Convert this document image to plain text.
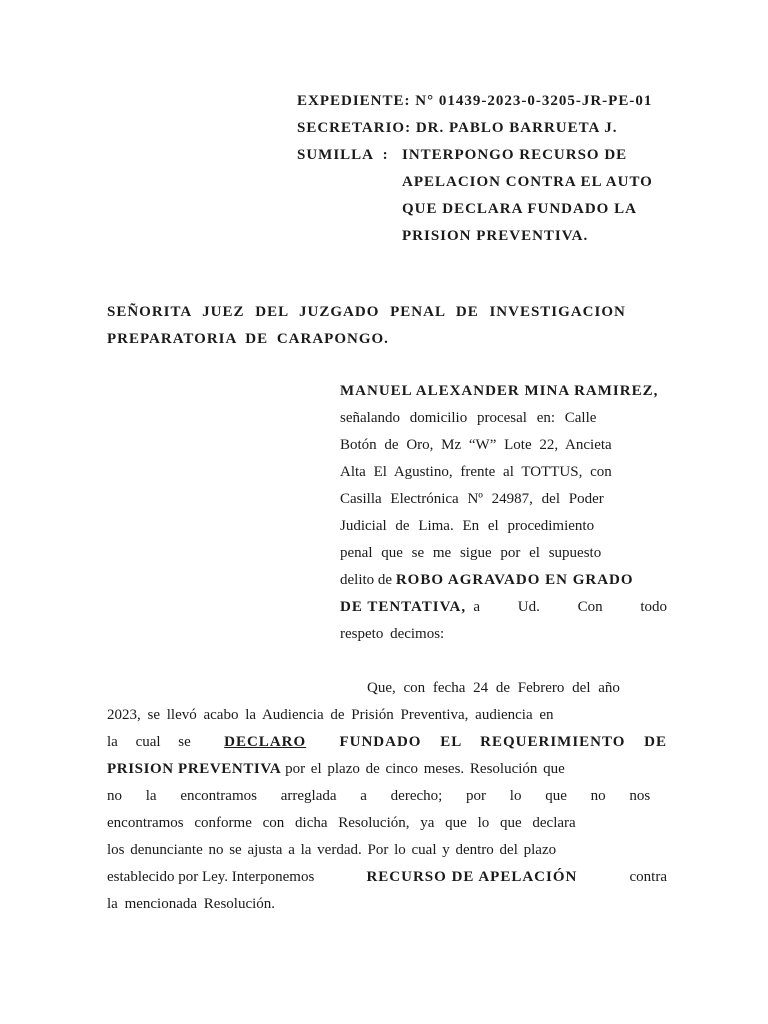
EXPEDIENTE: N° 01439-2023-0-3205-JR-PE-01
SECRETARIO: DR. PABLO BARRUETA J.
SUMILLA  : INTERPONGO RECURSO DE
APELACION CONTRA EL AUTO
QUE DECLARA FUNDADO LA
PRISION PREVENTIVA.
SEÑORITA JUEZ DEL JUZGADO PENAL DE INVESTIGACION
PREPARATORIA DE CARAPONGO.
MANUEL ALEXANDER MINA RAMIREZ,
señalando domicilio procesal en: Calle
Botón de Oro, Mz “W” Lote 22, Ancieta
Alta El Agustino, frente al TOTTUS, con
Casilla Electrónica Nº 24987, del Poder
Judicial de Lima. En el procedimiento
penal que se me sigue por el supuesto
delito de ROBO AGRAVADO EN GRADO
DE TENTATIVA, a Ud. Con todo
respeto decimos:
Que, con fecha 24 de Febrero del año
2023, se llevó acabo la Audiencia de Prisión Preventiva, audiencia en
la cual se DECLARO FUNDADO EL REQUERIMIENTO DE
PRISION PREVENTIVA por el plazo de cinco meses. Resolución que
no la encontramos arreglada a derecho; por lo que no nos
encontramos conforme con dicha Resolución, ya que lo que declara
los denunciante no se ajusta a la verdad. Por lo cual y dentro del plazo
establecido por Ley. Interponemos	RECURSO DE APELACIÓN	contra
la mencionada Resolución.
